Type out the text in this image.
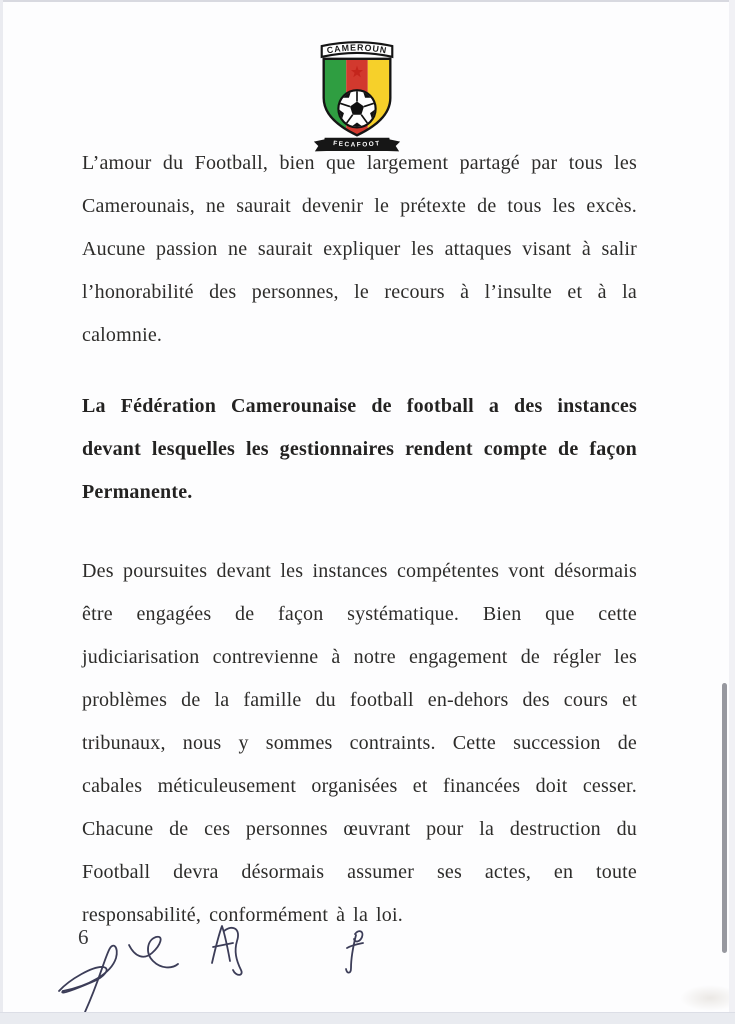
FECAFOOT
CAMEROUN

L’amour du Football, bien que largement partagé par tous les Camerounais, ne saurait devenir le prétexte de tous les excès. Aucune passion ne saurait expliquer les attaques visant à salir l’honorabilité des personnes, le recours à l’insulte et à la calomnie.

La Fédération Camerounaise de football a des instances devant lesquelles les gestionnaires rendent compte de façon Permanente.

Des poursuites devant les instances compétentes vont désormais être engagées de façon systématique. Bien que cette judiciarisation contrevienne à notre engagement de régler les problèmes de la famille du football en-dehors des cours et tribunaux, nous y sommes contraints. Cette succession de cabales méticuleusement organisées et financées doit cesser. Chacune de ces personnes œuvrant pour la destruction du Football devra désormais assumer ses actes, en toute responsabilité, conformément à la loi.

6
